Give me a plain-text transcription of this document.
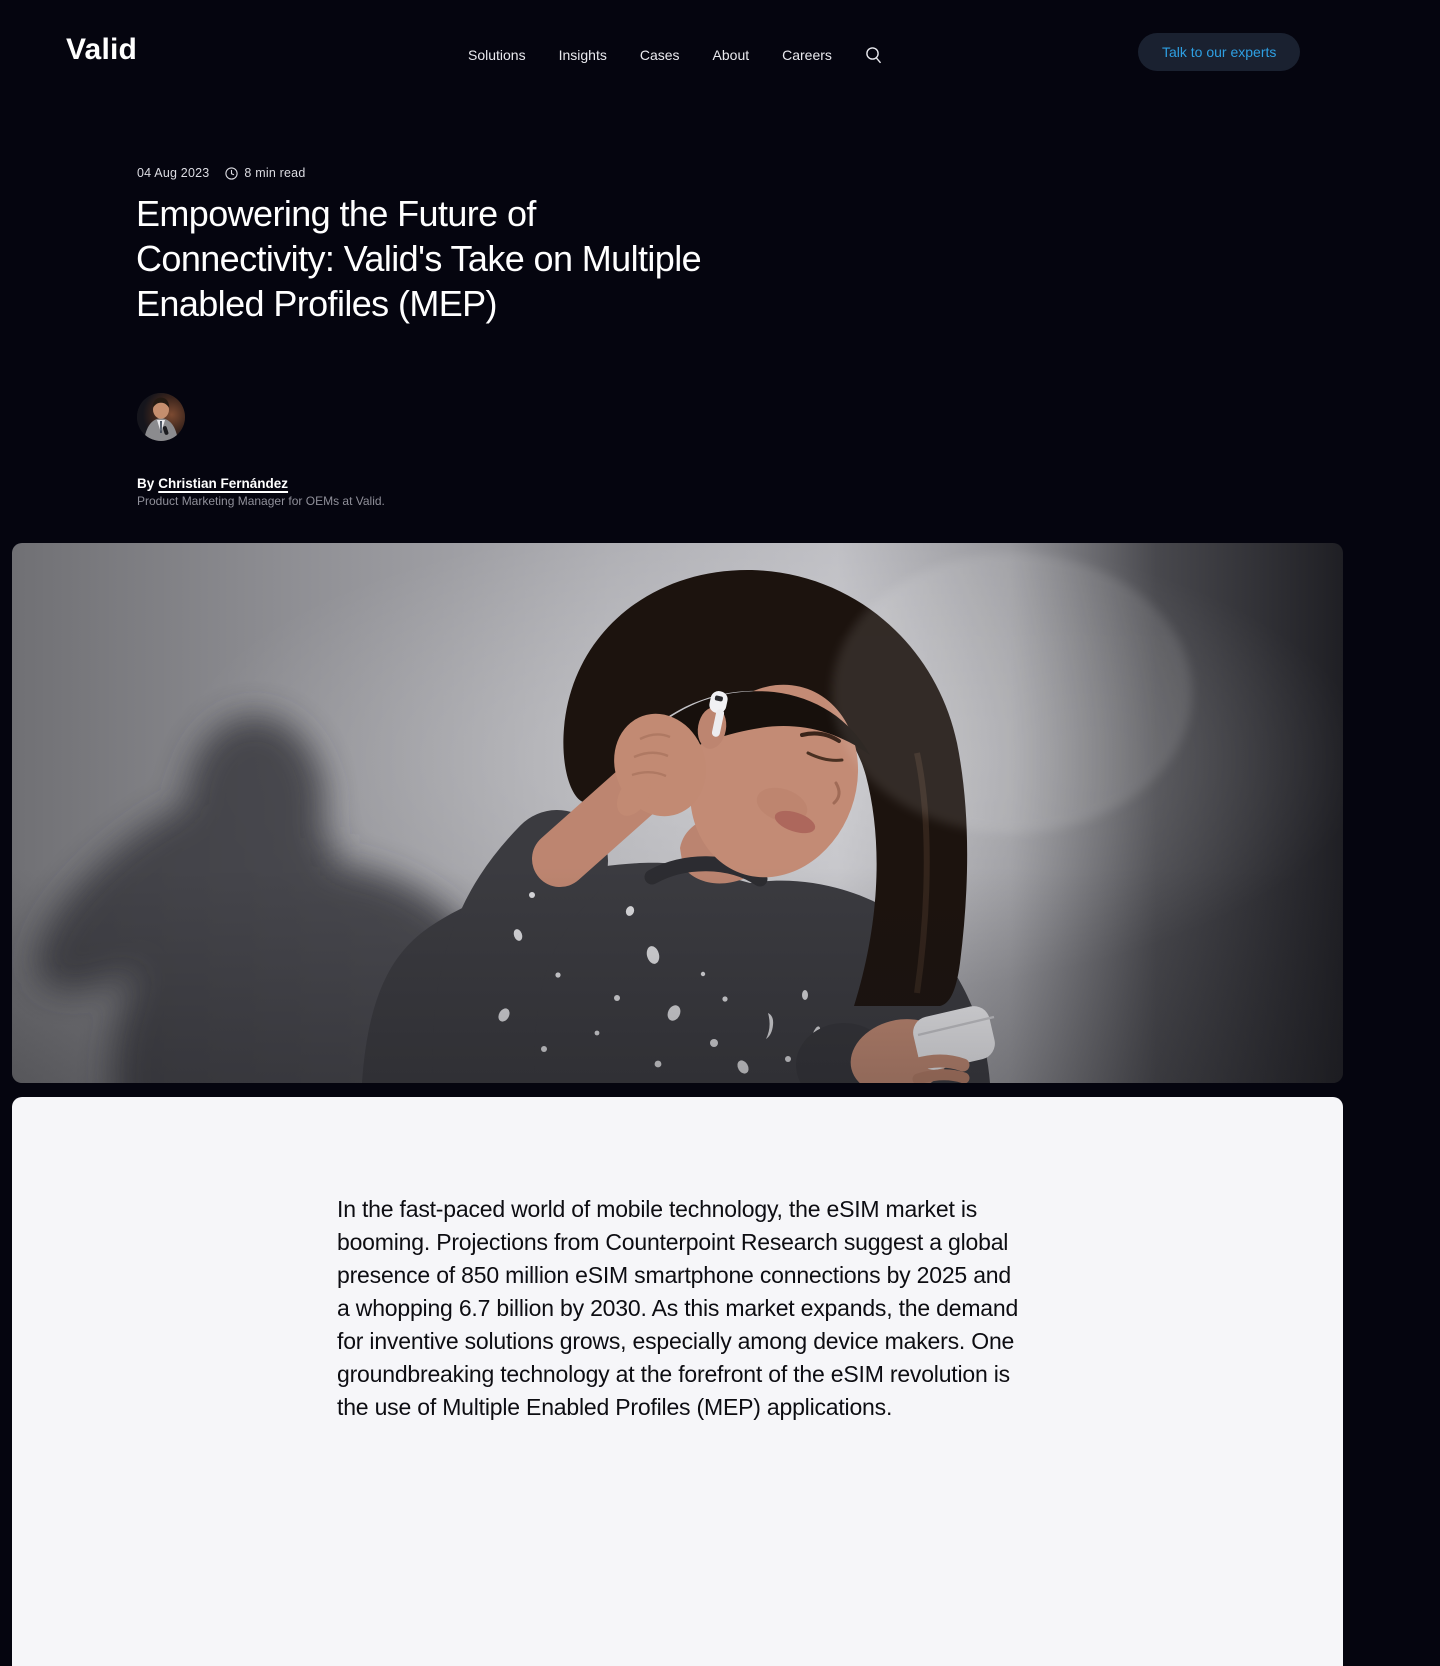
Valid	Solutions Insights Cases About Careers	Talk to our experts
04 Aug 2023	8 min read
Empowering the Future of
Connectivity: Valid's Take on Multiple
Enabled Profiles (MEP)
By Christian Fernández
Product Marketing Manager for OEMs at Valid.

In the fast-paced world of mobile technology, the eSIM market is booming. Projections from Counterpoint Research suggest a global presence of 850 million eSIM smartphone connections by 2025 and a whopping 6.7 billion by 2030. As this market expands, the demand for inventive solutions grows, especially among device makers. One groundbreaking technology at the forefront of the eSIM revolution is the use of Multiple Enabled Profiles (MEP) applications.
